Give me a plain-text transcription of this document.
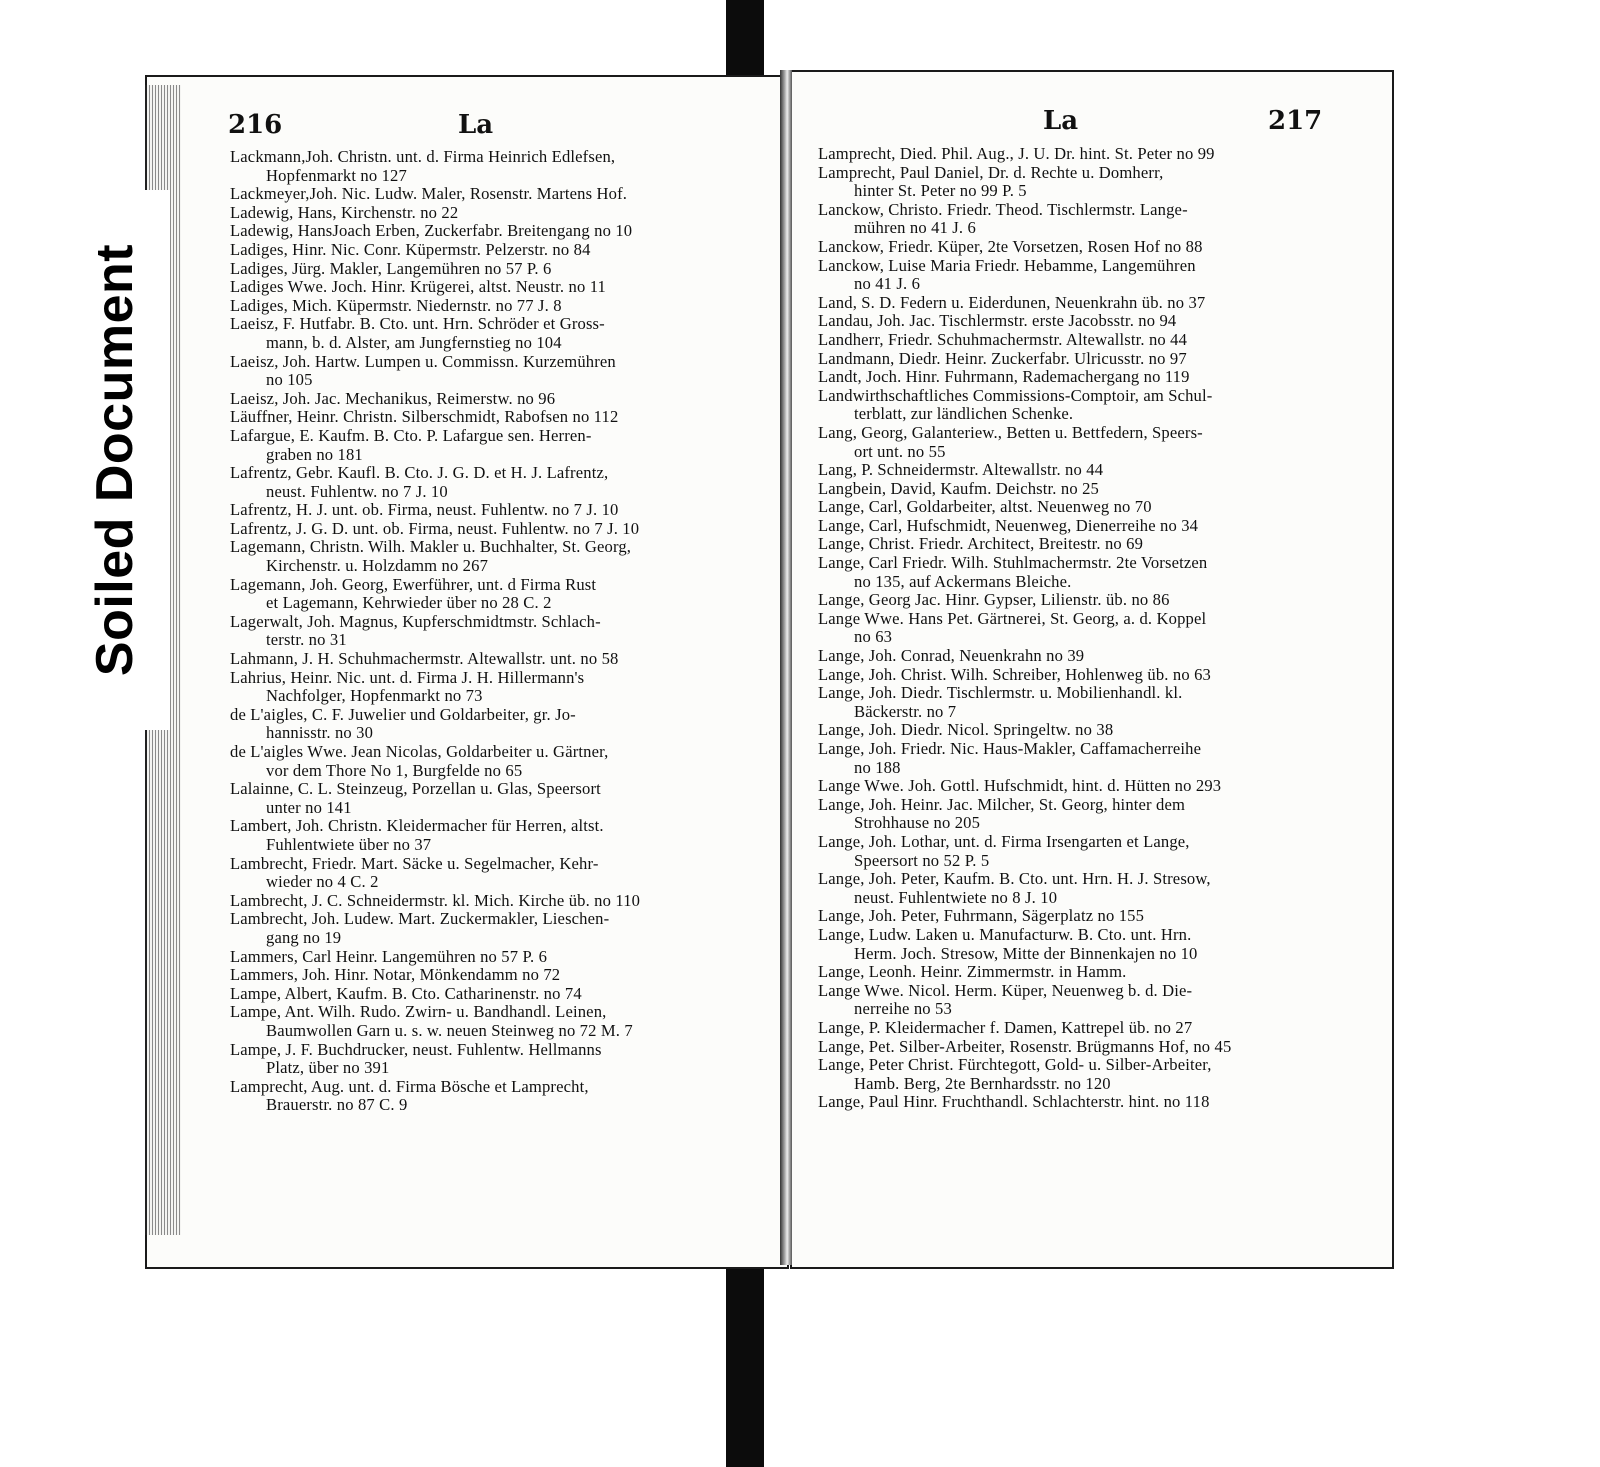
Soiled Document
216	La	La	217
Lackmann,Joh. Christn. unt. d. Firma Heinrich Edlefsen,
Hopfenmarkt no 127
Lackmeyer,Joh. Nic. Ludw. Maler, Rosenstr. Martens Hof.
Ladewig, Hans, Kirchenstr. no 22
Ladewig, HansJoach Erben, Zuckerfabr. Breitengang no 10
Ladiges, Hinr. Nic. Conr. Küpermstr. Pelzerstr. no 84
Ladiges, Jürg. Makler, Langemühren no 57 P. 6
Ladiges Wwe. Joch. Hinr. Krügerei, altst. Neustr. no 11
Ladiges, Mich. Küpermstr. Niedernstr. no 77 J. 8
Laeisz, F. Hutfabr. B. Cto. unt. Hrn. Schröder et Gross-
mann, b. d. Alster, am Jungfernstieg no 104
Laeisz, Joh. Hartw. Lumpen u. Commissn. Kurzemühren
no 105
Laeisz, Joh. Jac. Mechanikus, Reimerstw. no 96
Läuffner, Heinr. Christn. Silberschmidt, Rabofsen no 112
Lafargue, E. Kaufm. B. Cto. P. Lafargue sen. Herren-
graben no 181
Lafrentz, Gebr. Kaufl. B. Cto. J. G. D. et H. J. Lafrentz,
neust. Fuhlentw. no 7 J. 10
Lafrentz, H. J. unt. ob. Firma, neust. Fuhlentw. no 7 J. 10
Lafrentz, J. G. D. unt. ob. Firma, neust. Fuhlentw. no 7 J. 10
Lagemann, Christn. Wilh. Makler u. Buchhalter, St. Georg,
Kirchenstr. u. Holzdamm no 267
Lagemann, Joh. Georg, Ewerführer, unt. d Firma Rust
et Lagemann, Kehrwieder über no 28 C. 2
Lagerwalt, Joh. Magnus, Kupferschmidtmstr. Schlach-
terstr. no 31
Lahmann, J. H. Schuhmachermstr. Altewallstr. unt. no 58
Lahrius, Heinr. Nic. unt. d. Firma J. H. Hillermann's
Nachfolger, Hopfenmarkt no 73
de L'aigles, C. F. Juwelier und Goldarbeiter, gr. Jo-
hannisstr. no 30
de L'aigles Wwe. Jean Nicolas, Goldarbeiter u. Gärtner,
vor dem Thore No 1, Burgfelde no 65
Lalainne, C. L. Steinzeug, Porzellan u. Glas, Speersort
unter no 141
Lambert, Joh. Christn. Kleidermacher für Herren, altst.
Fuhlentwiete über no 37
Lambrecht, Friedr. Mart. Säcke u. Segelmacher, Kehr-
wieder no 4 C. 2
Lambrecht, J. C. Schneidermstr. kl. Mich. Kirche üb. no 110
Lambrecht, Joh. Ludew. Mart. Zuckermakler, Lieschen-
gang no 19
Lammers, Carl Heinr. Langemühren no 57 P. 6
Lammers, Joh. Hinr. Notar, Mönkendamm no 72
Lampe, Albert, Kaufm. B. Cto. Catharinenstr. no 74
Lampe, Ant. Wilh. Rudo. Zwirn- u. Bandhandl. Leinen,
Baumwollen Garn u. s. w. neuen Steinweg no 72 M. 7
Lampe, J. F. Buchdrucker, neust. Fuhlentw. Hellmanns
Platz, über no 391
Lamprecht, Aug. unt. d. Firma Bösche et Lamprecht,
Brauerstr. no 87 C. 9
Lamprecht, Died. Phil. Aug., J. U. Dr. hint. St. Peter no 99
Lamprecht, Paul Daniel, Dr. d. Rechte u. Domherr,
hinter St. Peter no 99 P. 5
Lanckow, Christo. Friedr. Theod. Tischlermstr. Lange-
mühren no 41 J. 6
Lanckow, Friedr. Küper, 2te Vorsetzen, Rosen Hof no 88
Lanckow, Luise Maria Friedr. Hebamme, Langemühren
no 41 J. 6
Land, S. D. Federn u. Eiderdunen, Neuenkrahn üb. no 37
Landau, Joh. Jac. Tischlermstr. erste Jacobsstr. no 94
Landherr, Friedr. Schuhmachermstr. Altewallstr. no 44
Landmann, Diedr. Heinr. Zuckerfabr. Ulricusstr. no 97
Landt, Joch. Hinr. Fuhrmann, Rademachergang no 119
Landwirthschaftliches Commissions-Comptoir, am Schul-
terblatt, zur ländlichen Schenke.
Lang, Georg, Galanteriew., Betten u. Bettfedern, Speers-
ort unt. no 55
Lang, P. Schneidermstr. Altewallstr. no 44
Langbein, David, Kaufm. Deichstr. no 25
Lange, Carl, Goldarbeiter, altst. Neuenweg no 70
Lange, Carl, Hufschmidt, Neuenweg, Dienerreihe no 34
Lange, Christ. Friedr. Architect, Breitestr. no 69
Lange, Carl Friedr. Wilh. Stuhlmachermstr. 2te Vorsetzen
no 135, auf Ackermans Bleiche.
Lange, Georg Jac. Hinr. Gypser, Lilienstr. üb. no 86
Lange Wwe. Hans Pet. Gärtnerei, St. Georg, a. d. Koppel
no 63
Lange, Joh. Conrad, Neuenkrahn no 39
Lange, Joh. Christ. Wilh. Schreiber, Hohlenweg üb. no 63
Lange, Joh. Diedr. Tischlermstr. u. Mobilienhandl. kl.
Bäckerstr. no 7
Lange, Joh. Diedr. Nicol. Springeltw. no 38
Lange, Joh. Friedr. Nic. Haus-Makler, Caffamacherreihe
no 188
Lange Wwe. Joh. Gottl. Hufschmidt, hint. d. Hütten no 293
Lange, Joh. Heinr. Jac. Milcher, St. Georg, hinter dem
Strohhause no 205
Lange, Joh. Lothar, unt. d. Firma Irsengarten et Lange,
Speersort no 52 P. 5
Lange, Joh. Peter, Kaufm. B. Cto. unt. Hrn. H. J. Stresow,
neust. Fuhlentwiete no 8 J. 10
Lange, Joh. Peter, Fuhrmann, Sägerplatz no 155
Lange, Ludw. Laken u. Manufacturw. B. Cto. unt. Hrn.
Herm. Joch. Stresow, Mitte der Binnenkajen no 10
Lange, Leonh. Heinr. Zimmermstr. in Hamm.
Lange Wwe. Nicol. Herm. Küper, Neuenweg b. d. Die-
nerreihe no 53
Lange, P. Kleidermacher f. Damen, Kattrepel üb. no 27
Lange, Pet. Silber-Arbeiter, Rosenstr. Brügmanns Hof, no 45
Lange, Peter Christ. Fürchtegott, Gold- u. Silber-Arbeiter,
Hamb. Berg, 2te Bernhardsstr. no 120
Lange, Paul Hinr. Fruchthandl. Schlachterstr. hint. no 118
